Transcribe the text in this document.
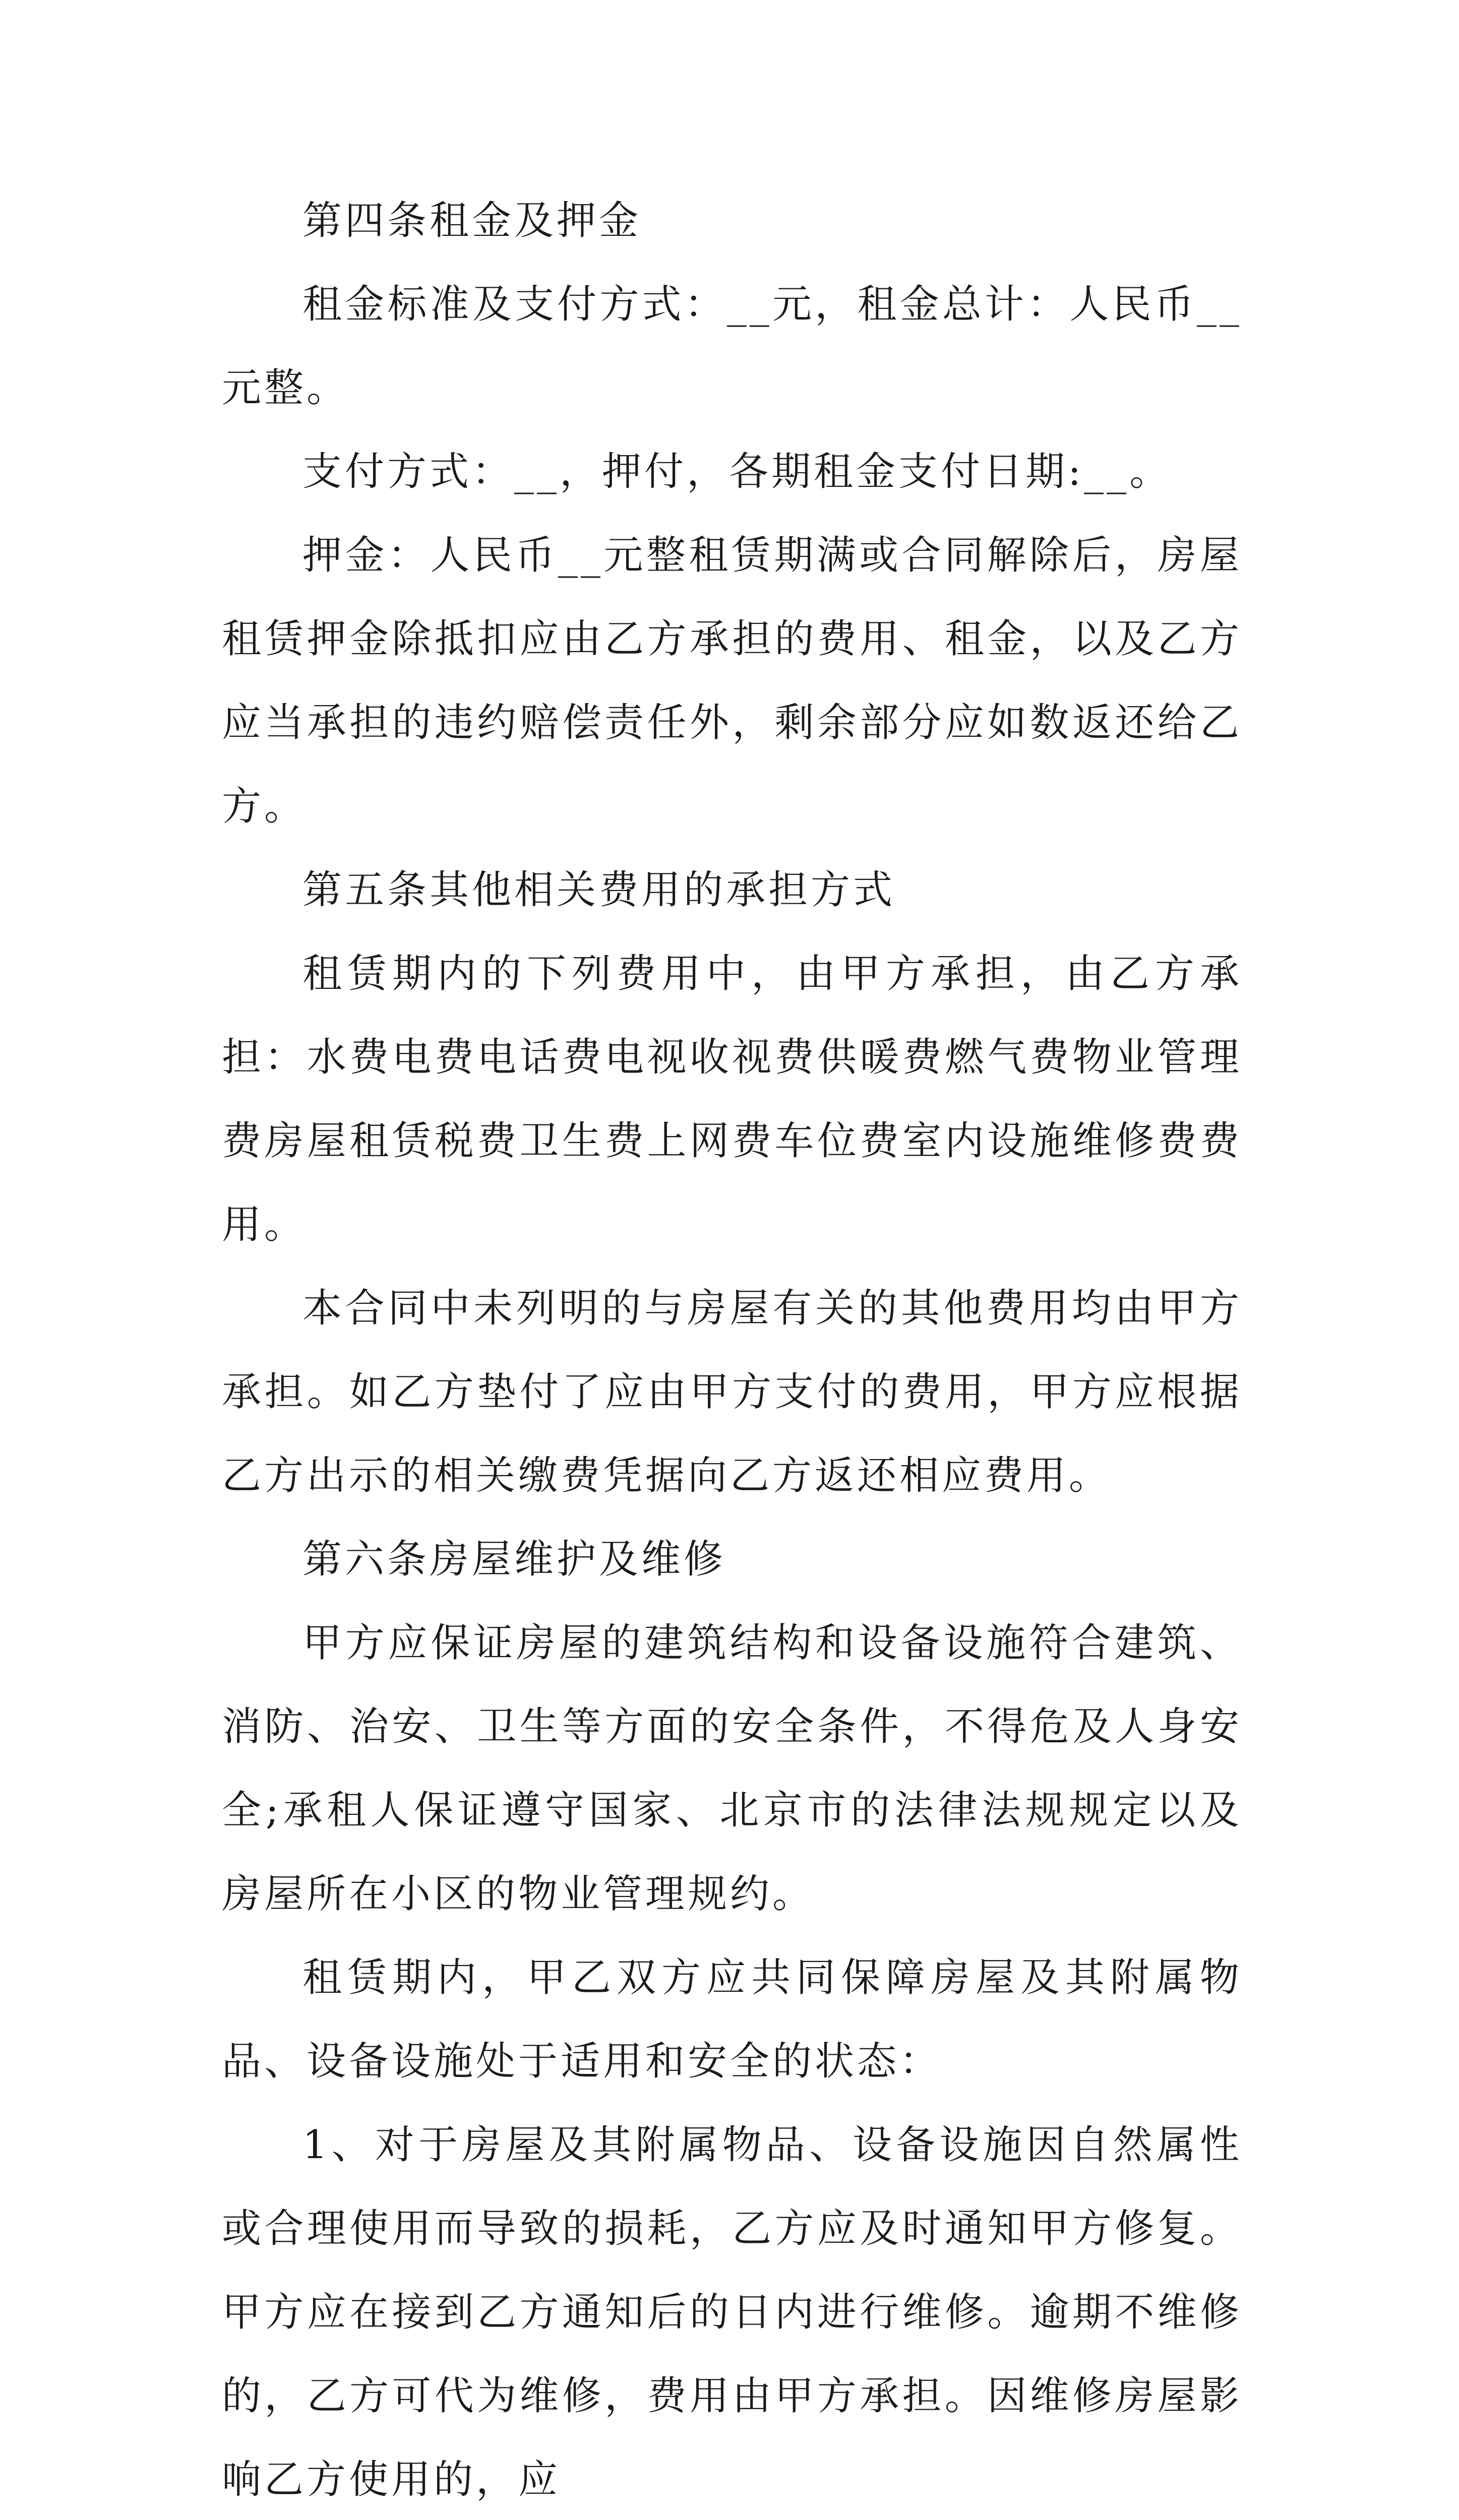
第四条租金及押金

租金标准及支付方式：__元，租金总计：人民币__元整。

支付方式：__，押付，各期租金支付日期:__。

押金：人民币__元整租赁期满或合同解除后，房屋租赁押金除抵扣应由乙方承担的费用、租金，以及乙方应当承担的违约赔偿责任外，剩余部分应如数返还给乙方。

第五条其他相关费用的承担方式

租赁期内的下列费用中，由甲方承担，由乙方承担：水费电费电话费电视收视费供暖费燃气费物业管理费房屋租赁税费卫生费上网费车位费室内设施维修费费用。

本合同中未列明的与房屋有关的其他费用均由甲方承担。如乙方垫付了应由甲方支付的费用，甲方应根据乙方出示的相关缴费凭据向乙方返还相应费用。

第六条房屋维护及维修

甲方应保证房屋的建筑结构和设备设施符合建筑、消防、治安、卫生等方面的安全条件，不得危及人身安全;承租人保证遵守国家、北京市的法律法规规定以及房屋所在小区的物业管理规约。

租赁期内，甲乙双方应共同保障房屋及其附属物品、设备设施处于适用和安全的状态：

1、对于房屋及其附属物品、设备设施因自然属性或合理使用而导致的损耗，乙方应及时通知甲方修复。甲方应在接到乙方通知后的日内进行维修。逾期不维修的，乙方可代为维修，费用由甲方承担。因维修房屋影响乙方使用的，应
